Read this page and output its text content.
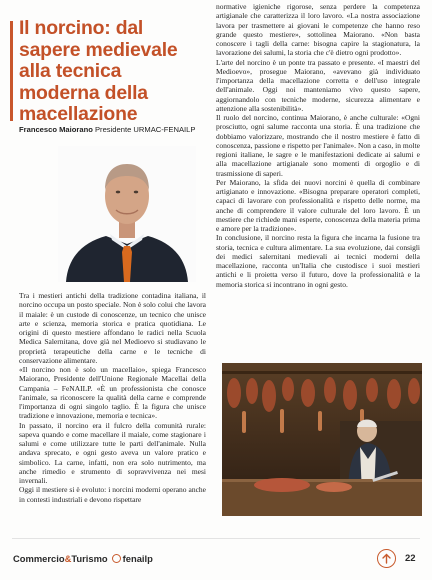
Il norcino: dal sapere medievale alla tecnica moderna della macellazione
Francesco Maiorano Presidente URMAC-FENAILP

Tra i mestieri antichi della tradizione contadina italiana, il norcino occupa un posto speciale. Non è solo colui che lavora il maiale: è un custode di conoscenze, un tecnico che unisce arte e scienza, memoria storica e pratica quotidiana. Le origini di questo mestiere affondano le radici nella Scuola Medica Salernitana, dove già nel Medioevo si studiavano le proprietà terapeutiche della carne e le tecniche di conservazione alimentare.

«Il norcino non è solo un macellaio», spiega Francesco Maiorano, Presidente dell'Unione Regionale Macellai della Campania – FeNAILP. «È un professionista che conosce l'animale, sa riconoscere la qualità della carne e comprende l'importanza di ogni singolo taglio. È la figura che unisce tradizione e innovazione, memoria e tecnica».

In passato, il norcino era il fulcro della comunità rurale: sapeva quando e come macellare il maiale, come stagionare i salumi e come utilizzare tutte le parti dell'animale. Nulla andava sprecato, e ogni gesto aveva un valore pratico e simbolico. La carne, infatti, non era solo nutrimento, ma anche rimedio e strumento di sopravvivenza nei mesi invernali.

Oggi il mestiere si è evoluto: i norcini moderni operano anche in contesti industriali e devono rispettare

normative igieniche rigorose, senza perdere la competenza artigianale che caratterizza il loro lavoro. «La nostra associazione lavora per trasmettere ai giovani le competenze che hanno reso grande questo mestiere», sottolinea Maiorano. «Non basta conoscere i tagli della carne: bisogna capire la stagionatura, la lavorazione dei salumi, la storia che c'è dietro ogni prodotto».

L'arte del norcino è un ponte tra passato e presente. «I maestri del Medioevo», prosegue Maiorano, «avevano già individuato l'importanza della macellazione corretta e dell'uso integrale dell'animale. Oggi noi manteniamo vivo questo sapere, aggiornandolo con tecniche moderne, sicurezza alimentare e attenzione alla sostenibilità».

Il ruolo del norcino, continua Maiorano, è anche culturale: «Ogni prosciutto, ogni salume racconta una storia. È una tradizione che dobbiamo valorizzare, mostrando che il nostro mestiere è fatto di conoscenza, passione e rispetto per l'animale». Non a caso, in molte regioni italiane, le sagre e le manifestazioni dedicate ai salumi e alla macellazione artigianale sono momenti di orgoglio e di trasmissione di saperi.

Per Maiorano, la sfida dei nuovi norcini è quella di combinare artigianato e innovazione. «Bisogna preparare operatori completi, capaci di lavorare con professionalità e rispetto delle norme, ma anche di comprendere il valore culturale del loro lavoro. È un mestiere che richiede mani esperte, conoscenza della materia prima e amore per la tradizione».

In conclusione, il norcino resta la figura che incarna la fusione tra storia, tecnica e cultura alimentare. La sua evoluzione, dai consigli dei medici salernitani medievali ai tecnici moderni della macellazione, racconta un'Italia che custodisce i suoi mestieri antichi e li proietta verso il futuro, dove la professionalità e la memoria storica si incontrano in ogni gesto.

Commercio & Turismo fenailp	22
